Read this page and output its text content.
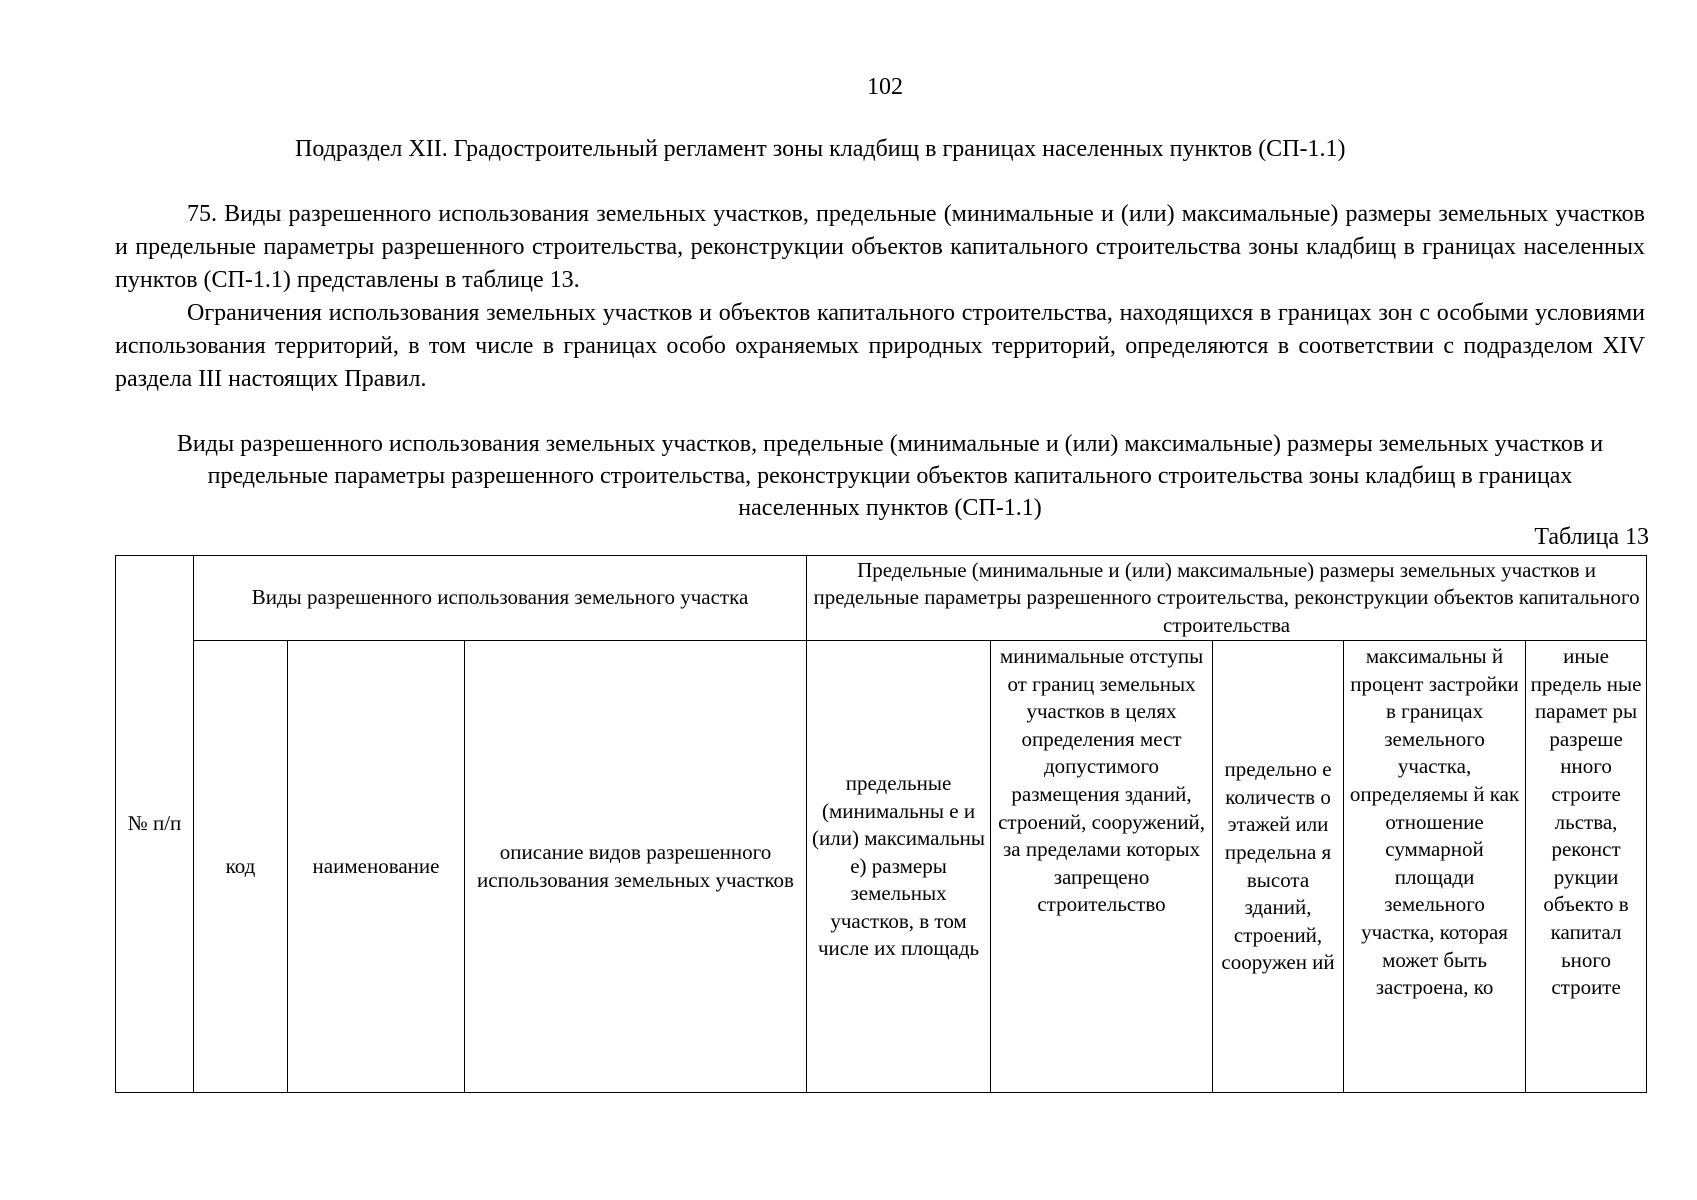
102
Подраздел XII. Градостроительный регламент зоны кладбищ в границах населенных пунктов (СП-1.1)

75. Виды разрешенного использования земельных участков, предельные (минимальные и (или) максимальные) размеры земельных участков и предельные параметры разрешенного строительства, реконструкции объектов капитального строительства зоны кладбищ в границах населенных пунктов (СП-1.1) представлены в таблице 13.

Ограничения использования земельных участков и объектов капитального строительства, находящихся в границах зон с особыми условиями использования территорий, в том числе в границах особо охраняемых природных территорий, определяются в соответствии с подразделом XIV раздела III настоящих Правил.

Виды разрешенного использования земельных участков, предельные (минимальные и (или) максимальные) размеры земельных участков и предельные параметры разрешенного строительства, реконструкции объектов капитального строительства зоны кладбищ в границах населенных пунктов (СП-1.1)
Таблица 13
№ п/п	Виды разрешенного использования земельного участка			Предельные (минимальные и (или) максимальные) размеры земельных участков и предельные параметры разрешенного строительства, реконструкции объектов капитального строительства				
	код	наименование	описание видов разрешенного использования земельных участков	предельные (минимальны е и (или) максимальны е) размеры земельных участков, в том числе их площадь	минимальные отступы от границ земельных участков в целях определения мест допустимого размещения зданий, строений, сооружений, за пределами которых запрещено строительство	предельно е количеств о этажей или предельна я высота зданий, строений, сооружен ий	максимальны й процент застройки в границах земельного участка, определяемы й как отношение суммарной площади земельного участка, которая может быть застроена, ко	иные предель ные парамет ры разреше нного строите льства, реконст рукции объекто в капитал ьного строите
